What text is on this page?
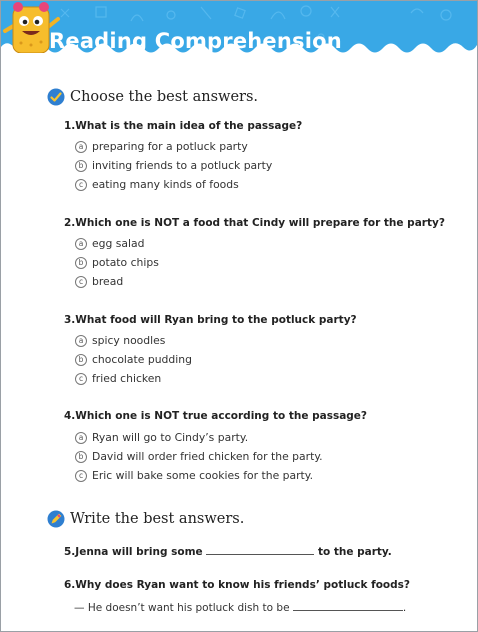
Reading Comprehension
Choose the best answers.
1.What is the main idea of the passage?
a preparing for a potluck party
b inviting friends to a potluck party
c eating many kinds of foods
2.Which one is NOT a food that Cindy will prepare for the party?
a egg salad
b potato chips
c bread
3.What food will Ryan bring to the potluck party?
a spicy noodles
b chocolate pudding
c fried chicken
4.Which one is NOT true according to the passage?
a Ryan will go to Cindy’s party.
b David will order fried chicken for the party.
c Eric will bake some cookies for the party.
Write the best answers.
5.Jenna will bring some	to the party.
6.Why does Ryan want to know his friends’ potluck foods?
— He doesn’t want his potluck dish to be	.
